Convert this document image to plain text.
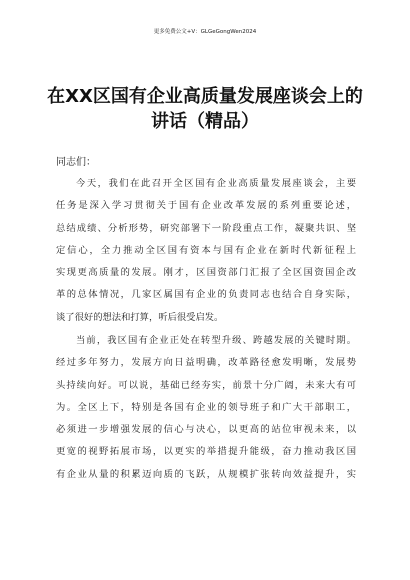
更多免费公文+V：GLGeGongWen2024
在XX区国有企业高质量发展座谈会上的
讲话（精品）

同志们：

今天，我们在此召开全区国有企业高质量发展座谈会，主要
任务是深入学习贯彻关于国有企业改革发展的系列重要论述，
总结成绩、分析形势，研究部署下一阶段重点工作，凝聚共识、坚
定信心，全力推动全区国有资本与国有企业在新时代新征程上
实现更高质量的发展。刚才，区国资部门汇报了全区国资国企改
革的总体情况，几家区属国有企业的负责同志也结合自身实际，
谈了很好的想法和打算，听后很受启发。
当前，我区国有企业正处在转型升级、跨越发展的关键时期。
经过多年努力，发展方向日益明确，改革路径愈发明晰，发展势
头持续向好。可以说，基础已经夯实，前景十分广阔，未来大有可
为。全区上下，特别是各国有企业的领导班子和广大干部职工，
必须进一步增强发展的信心与决心，以更高的站位审视未来，以
更宽的视野拓展市场，以更实的举措提升能级，奋力推动我区国
有企业从量的积累迈向质的飞跃，从规模扩张转向效益提升，实
